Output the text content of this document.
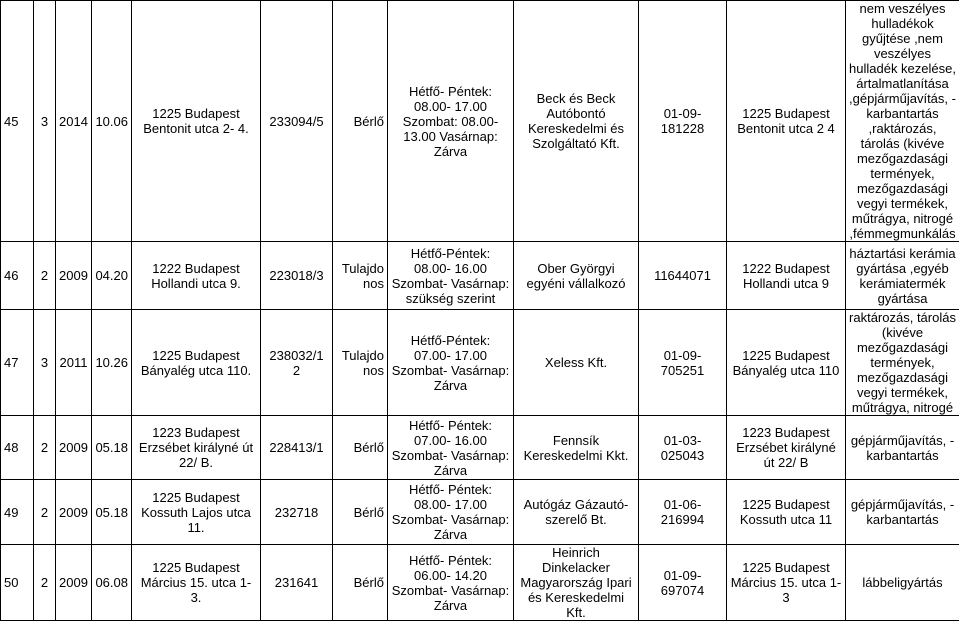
45	3	2014	10.06	1225 Budapest Bentonit utca 2- 4.	233094/5	Bérlő	Hétfő- Péntek: 08.00- 17.00 Szombat: 08.00- 13.00 Vasárnap: Zárva	Beck és Beck Autóbontó Kereskedelmi és Szolgáltató Kft.	01-09- 181228	1225 Budapest Bentonit utca 2 4	nem veszélyes hulladékok gyűjtése ,nem veszélyes hulladék kezelése, ártalmatlanítása ,gépjárműjavítás, - karbantartás ,raktározás, tárolás (kivéve mezőgazdasági termények, mezőgazdasági vegyi termékek, műtrágya, nitrogé ,fémmegmunkálás
46	2	2009	04.20	1222 Budapest Hollandi utca 9.	223018/3	Tulajdonos	Hétfő-Péntek: 08.00- 16.00 Szombat- Vasárnap: szükség szerint	Ober Györgyi egyéni vállalkozó	11644071	1222 Budapest Hollandi utca 9	háztartási kerámia gyártása ,egyéb kerámiatermék gyártása
47	3	2011	10.26	1225 Budapest Bányalég utca 110.	238032/1 2	Tulajdonos	Hétfő-Péntek: 07.00- 17.00 Szombat- Vasárnap: Zárva	Xeless Kft.	01-09- 705251	1225 Budapest Bányalég utca 110	raktározás, tárolás (kivéve mezőgazdasági termények, mezőgazdasági vegyi termékek, műtrágya, nitrogé
48	2	2009	05.18	1223 Budapest Erzsébet királyné út 22/ B.	228413/1	Bérlő	Hétfő- Péntek: 07.00- 16.00 Szombat- Vasárnap: Zárva	Fennsík Kereskedelmi Kkt.	01-03- 025043	1223 Budapest Erzsébet királyné út 22/ B	gépjárműjavítás, - karbantartás
49	2	2009	05.18	1225 Budapest Kossuth Lajos utca 11.	232718	Bérlő	Hétfő- Péntek: 08.00- 17.00 Szombat- Vasárnap: Zárva	Autógáz Gázautó- szerelő Bt.	01-06- 216994	1225 Budapest Kossuth utca 11	gépjárműjavítás, - karbantartás
50	2	2009	06.08	1225 Budapest Március 15. utca 1- 3.	231641	Bérlő	Hétfő- Péntek: 06.00- 14.20 Szombat- Vasárnap: Zárva	Heinrich Dinkelacker Magyarország Ipari és Kereskedelmi Kft.	01-09- 697074	1225 Budapest Március 15. utca 1- 3	lábbeligyártás
